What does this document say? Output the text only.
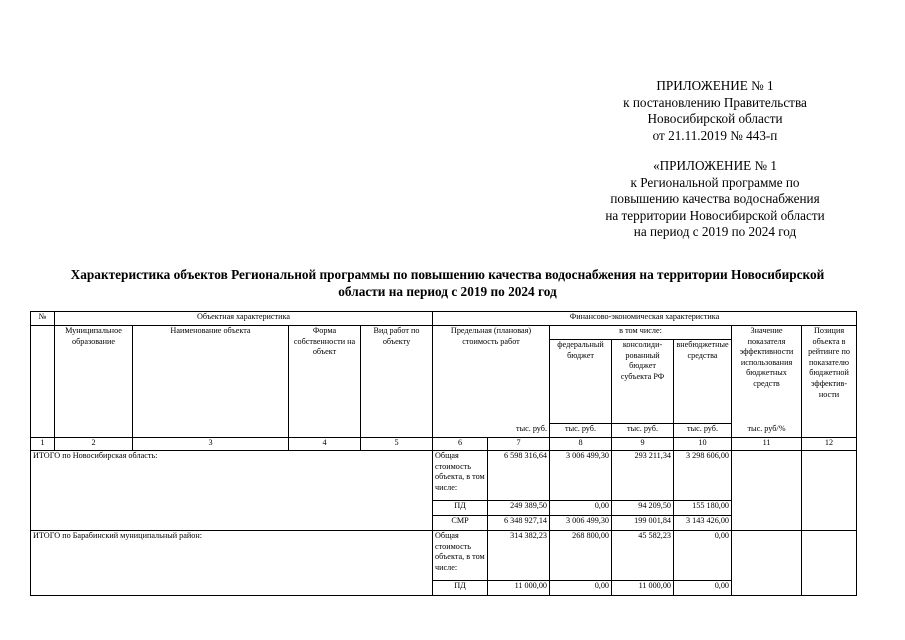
ПРИЛОЖЕНИЕ № 1
к постановлению Правительства
Новосибирской области
от 21.11.2019 № 443-п
«ПРИЛОЖЕНИЕ № 1
к Региональной программе по
повышению качества водоснабжения
на территории Новосибирской области
на период с 2019 по 2024 год
Характеристика объектов Региональной программы по повышению качества водоснабжения на территории Новосибирской
области на период с 2019 по 2024 год
№	Объектная характеристика				Финансово-экономическая характеристика						
	Муниципальное образование	Наименование объекта	Форма собственности на объект	Вид работ по объекту	Предельная (плановая) стоимость работ		в том числе:			Значение показателя эффективности использования бюджетных средств	Позиция объекта в рейтинге по показателю бюджетной эффективности
							федеральный бюджет	консолидированный бюджет субъекта РФ	внебюджетные средства		
					тыс. руб.		тыс. руб.	тыс. руб.	тыс. руб.	тыс. руб/%	
1	2	3	4	5	6	7	8	9	10	11	12
ИТОГО по Новосибирская область:					Общая стоимость объекта, в том числе:	6 598 316,64	3 006 499,30	293 211,34	3 298 606,00		
					ПД	249 389,50	0,00	94 209,50	155 180,00		
					СМР	6 348 927,14	3 006 499,30	199 001,84	3 143 426,00		
ИТОГО по Барабинский муниципальный район:					Общая стоимость объекта, в том числе:	314 382,23	268 800,00	45 582,23	0,00		
					ПД	11 000,00	0,00	11 000,00	0,00		
